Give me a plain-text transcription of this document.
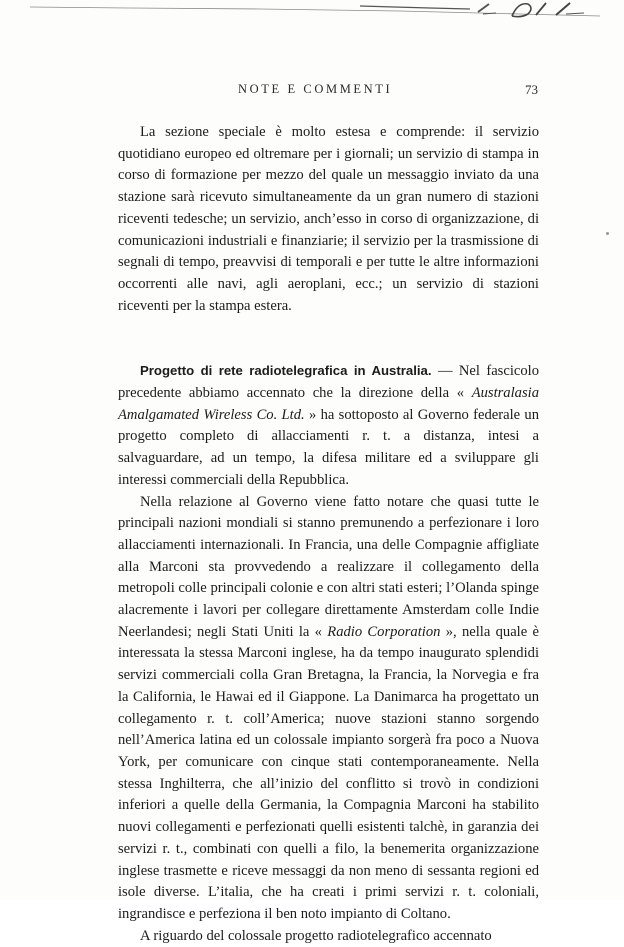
NOTE E COMMENTI	73

La sezione speciale è molto estesa e comprende: il servizio quotidiano europeo ed oltremare per i giornali; un servizio di stampa in corso di formazione per mezzo del quale un messaggio inviato da una stazione sarà ricevuto simultaneamente da un gran numero di stazioni riceventi tedesche; un servizio, anch’esso in corso di organizzazione, di comunicazioni industriali e finanziarie; il servizio per la trasmissione di segnali di tempo, preavvisi di temporali e per tutte le altre informazioni occorrenti alle navi, agli aeroplani, ecc.; un servizio di stazioni riceventi per la stampa estera.

Progetto di rete radiotelegrafica in Australia. — Nel fascicolo precedente abbiamo accennato che la direzione della « Australasia Amalgamated Wireless Co. Ltd. » ha sottoposto al Governo federale un progetto completo di allacciamenti r. t. a distanza, intesi a salvaguardare, ad un tempo, la difesa militare ed a sviluppare gli interessi commerciali della Repubblica.

Nella relazione al Governo viene fatto notare che quasi tutte le principali nazioni mondiali si stanno premunendo a perfezionare i loro allacciamenti internazionali. In Francia, una delle Compagnie affigliate alla Marconi sta provvedendo a realizzare il collegamento della metropoli colle principali colonie e con altri stati esteri; l’Olanda spinge alacremente i lavori per collegare direttamente Amsterdam colle Indie Neerlandesi; negli Stati Uniti la « Radio Corporation », nella quale è interessata la stessa Marconi inglese, ha da tempo inaugurato splendidi servizi commerciali colla Gran Bretagna, la Francia, la Norvegia e fra la California, le Hawai ed il Giappone. La Danimarca ha progettato un collegamento r. t. coll’America; nuove stazioni stanno sorgendo nell’America latina ed un colossale impianto sorgerà fra poco a Nuova York, per comunicare con cinque stati contemporaneamente. Nella stessa Inghilterra, che all’inizio del conflitto si trovò in condizioni inferiori a quelle della Germania, la Compagnia Marconi ha stabilito nuovi collegamenti e perfezionati quelli esistenti talchè, in garanzia dei servizi r. t., combinati con quelli a filo, la benemerita organizzazione inglese trasmette e riceve messaggi da non meno di sessanta regioni ed isole diverse. L’italia, che ha creati i primi servizi r. t. coloniali, ingrandisce e perfeziona il ben noto impianto di Coltano.

A riguardo del colossale progetto radiotelegrafico accennato
